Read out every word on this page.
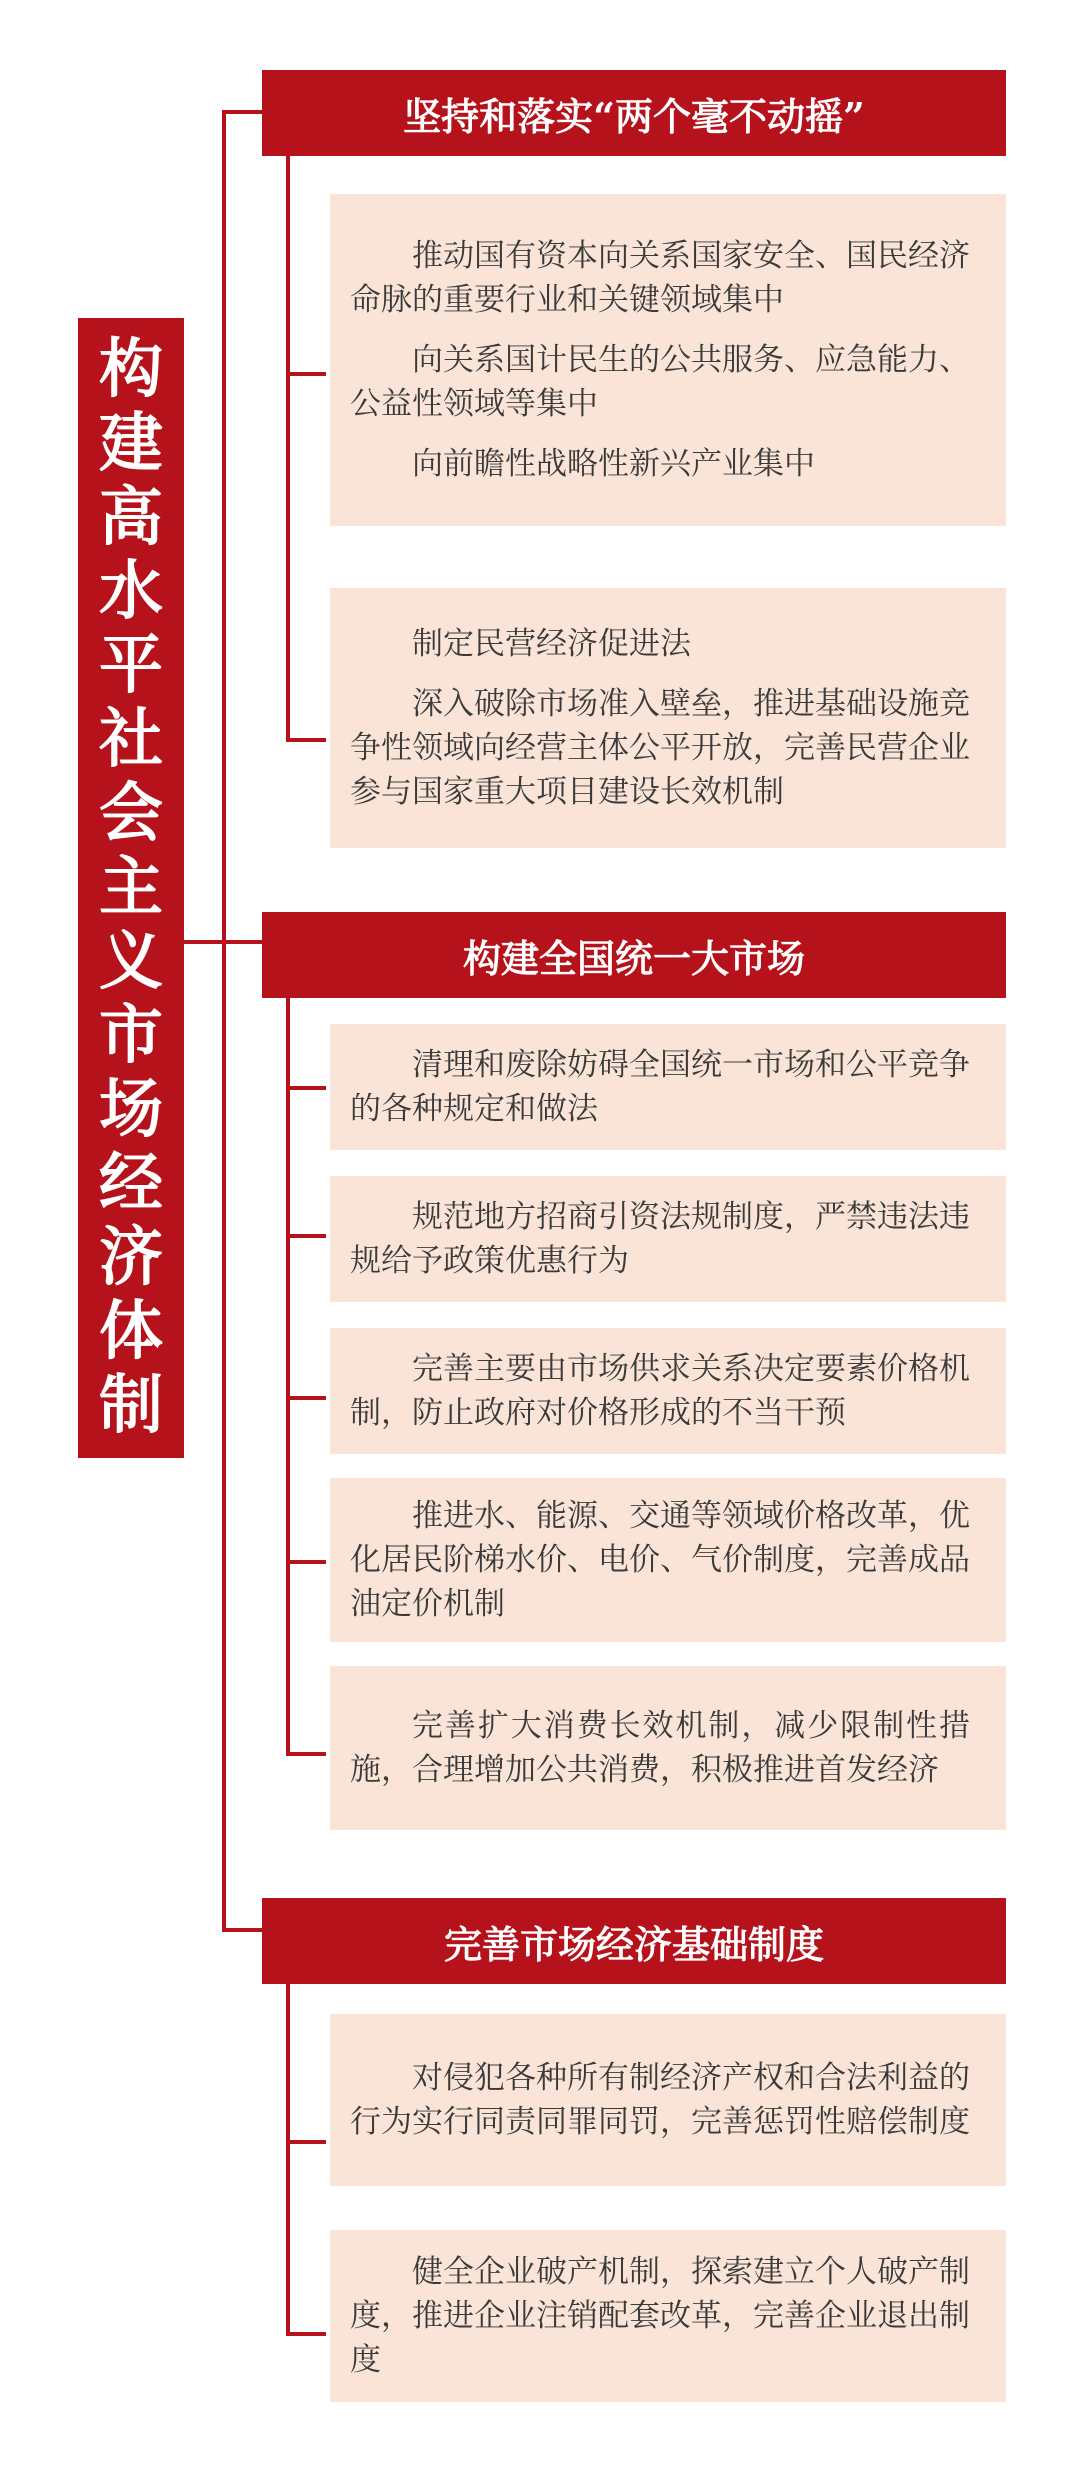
构
建
高
水
平
社
会
主
义
市
场
经
济
体
制
坚持和落实“两个毫不动摇”

推动国有资本向关系国家安全、国民经济命脉的重要行业和关键领域集中

向关系国计民生的公共服务、应急能力、公益性领域等集中

向前瞻性战略性新兴产业集中

制定民营经济促进法

深入破除市场准入壁垒，推进基础设施竞争性领域向经营主体公平开放，完善民营企业参与国家重大项目建设长效机制

构建全国统一大市场

清理和废除妨碍全国统一市场和公平竞争的各种规定和做法

规范地方招商引资法规制度，严禁违法违规给予政策优惠行为

完善主要由市场供求关系决定要素价格机制，防止政府对价格形成的不当干预

推进水、能源、交通等领域价格改革，优化居民阶梯水价、电价、气价制度，完善成品油定价机制

完善扩大消费长效机制，减少限制性措施，合理增加公共消费，积极推进首发经济

完善市场经济基础制度

对侵犯各种所有制经济产权和合法利益的行为实行同责同罪同罚，完善惩罚性赔偿制度

健全企业破产机制，探索建立个人破产制度，推进企业注销配套改革，完善企业退出制度
